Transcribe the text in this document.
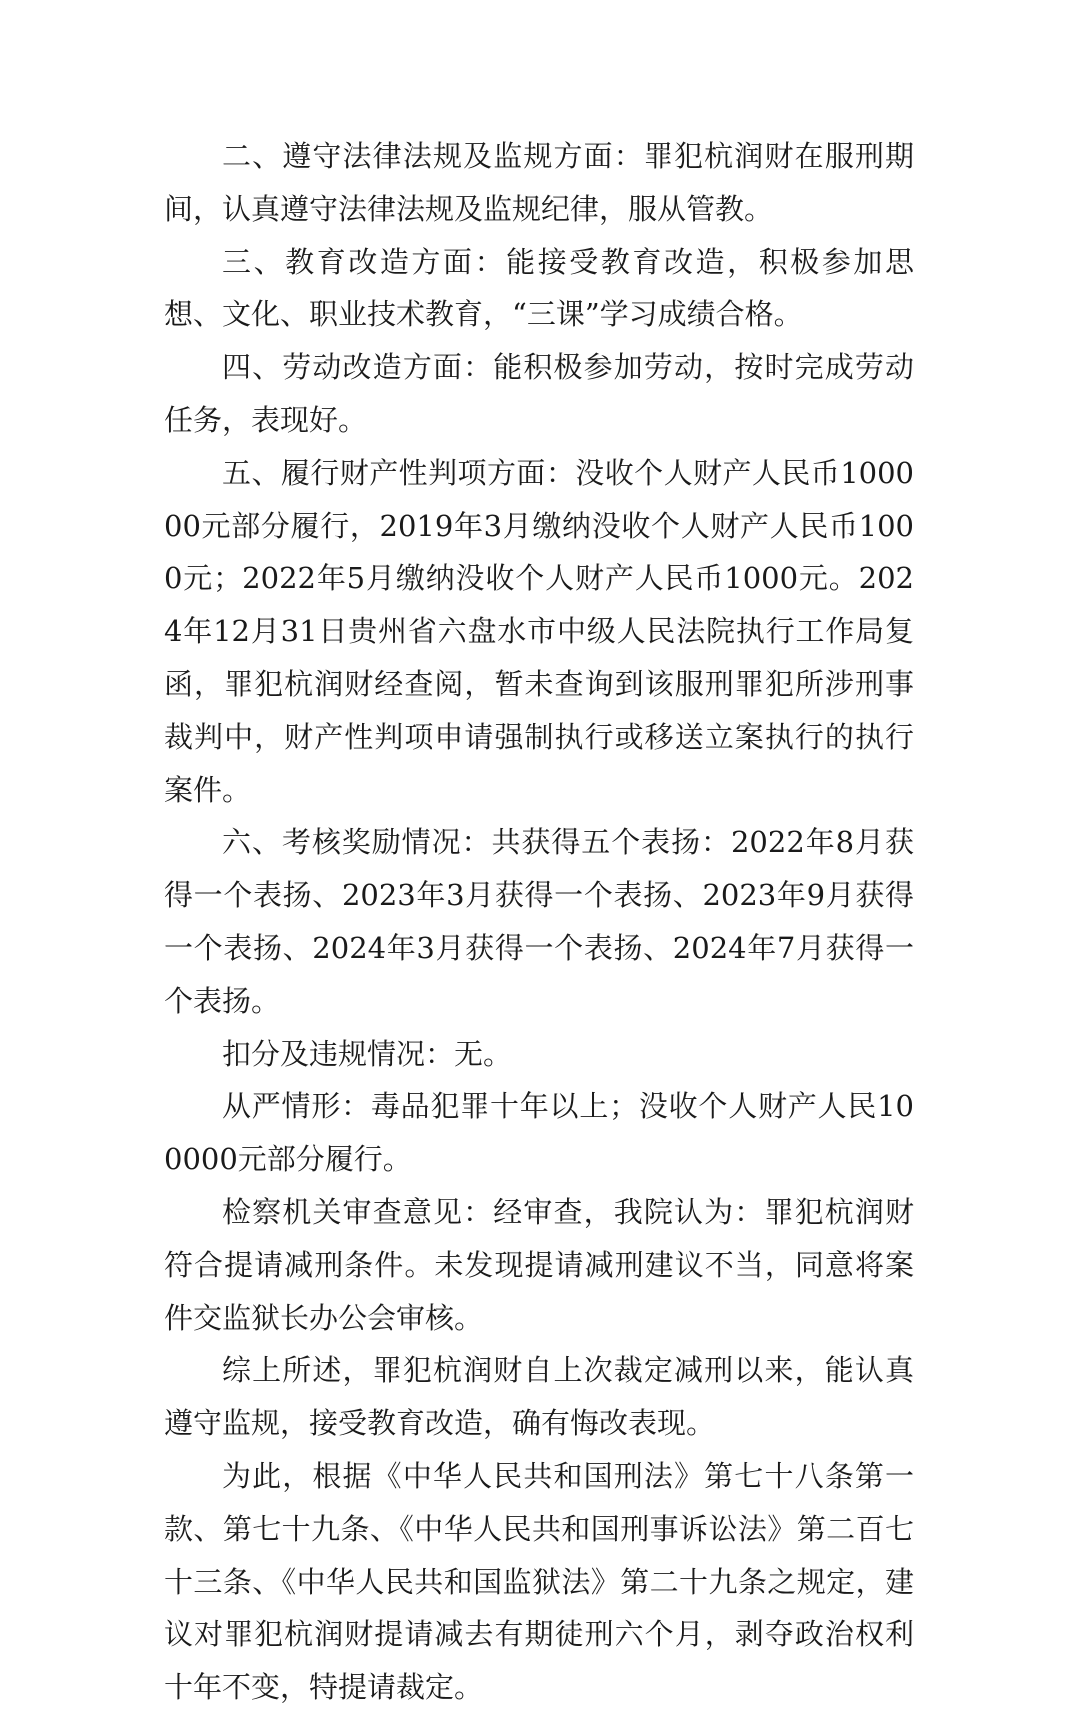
二、遵守法律法规及监规方面：罪犯杭润财在服刑期间，认真遵守法律法规及监规纪律，服从管教。

三、教育改造方面：能接受教育改造，积极参加思想、文化、职业技术教育，“三课”学习成绩合格。

四、劳动改造方面：能积极参加劳动，按时完成劳动任务，表现好。

五、履行财产性判项方面：没收个人财产人民币100000元部分履行，2019年3月缴纳没收个人财产人民币1000元；2022年5月缴纳没收个人财产人民币1000元。2024年12月31日贵州省六盘水市中级人民法院执行工作局复函，罪犯杭润财经查阅，暂未查询到该服刑罪犯所涉刑事裁判中，财产性判项申请强制执行或移送立案执行的执行案件。

六、考核奖励情况：共获得五个表扬：2022年8月获得一个表扬、2023年3月获得一个表扬、2023年9月获得一个表扬、2024年3月获得一个表扬、2024年7月获得一个表扬。

扣分及违规情况：无。

从严情形：毒品犯罪十年以上；没收个人财产人民100000元部分履行。

检察机关审查意见：经审查，我院认为：罪犯杭润财符合提请减刑条件。未发现提请减刑建议不当，同意将案件交监狱长办公会审核。

综上所述，罪犯杭润财自上次裁定减刑以来，能认真遵守监规，接受教育改造，确有悔改表现。

为此，根据《中华人民共和国刑法》第七十八条第一款、第七十九条、《中华人民共和国刑事诉讼法》第二百七十三条、《中华人民共和国监狱法》第二十九条之规定，建议对罪犯杭润财提请减去有期徒刑六个月，剥夺政治权利十年不变，特提请裁定。
